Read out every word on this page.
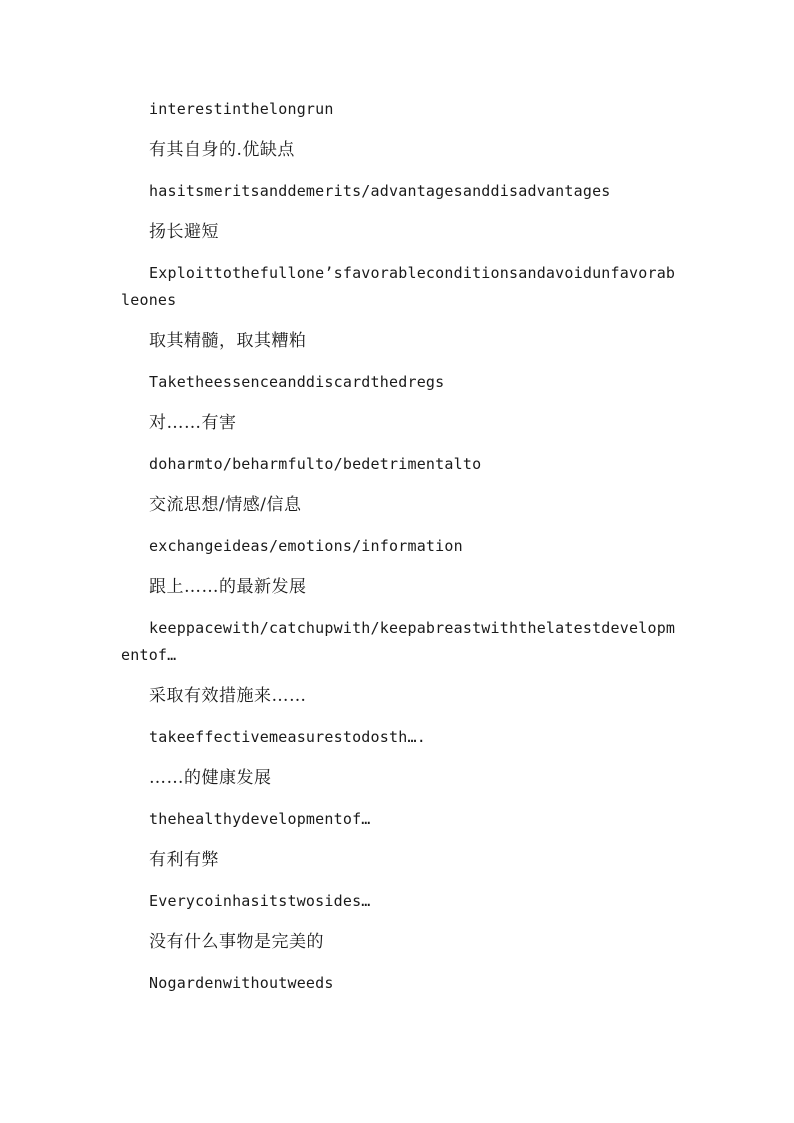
interestinthelongrun

有其自身的.优缺点

hasitsmeritsanddemerits/advantagesanddisadvantages

扬长避短

Exploittothefullone’sfavorableconditionsandavoidunfavorableones

取其精髓，取其糟粕

Taketheessenceanddiscardthedregs

对……有害

doharmto/beharmfulto/bedetrimentalto

交流思想/情感/信息

exchangeideas/emotions/information

跟上……的最新发展

keeppacewith/catchupwith/keepabreastwiththelatestdevelopmentof…

采取有效措施来……

takeeffectivemeasurestodosth….

……的健康发展

thehealthydevelopmentof…

有利有弊

Everycoinhasitstwosides…

没有什么事物是完美的

Nogardenwithoutweeds
